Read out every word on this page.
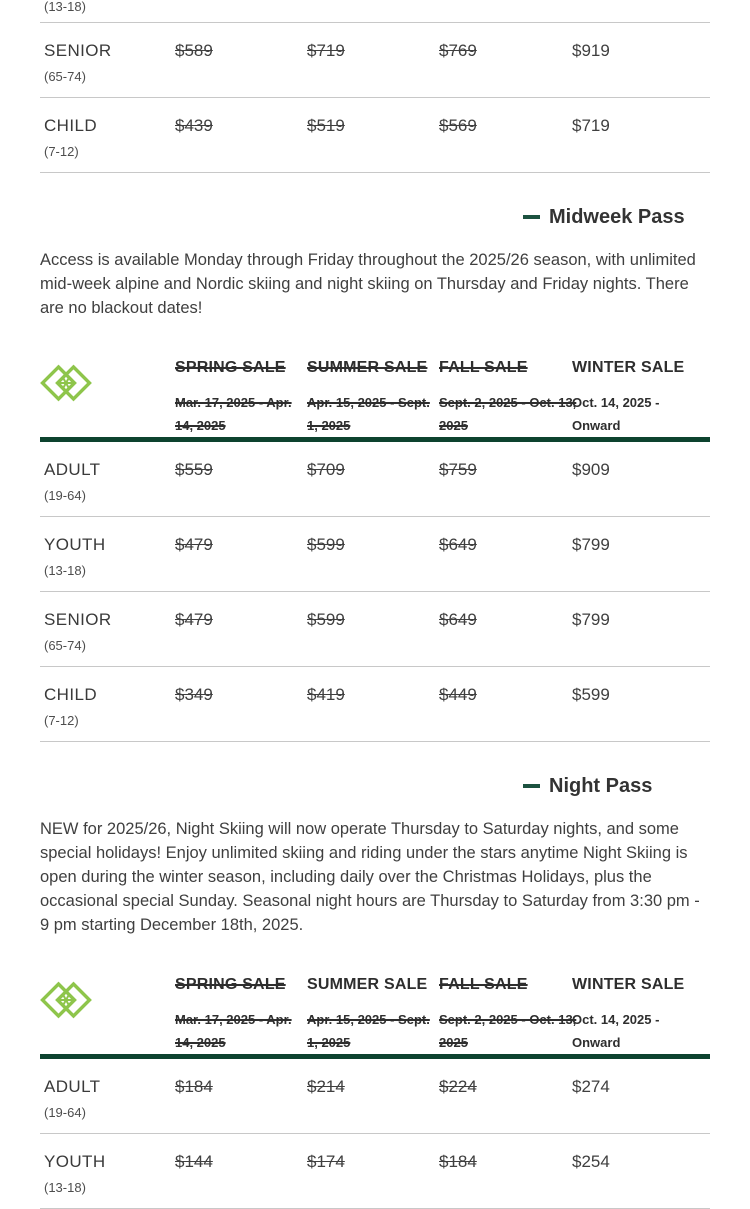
(13-18)
SENIOR
(65-74)
$589	$719	$769	$919
CHILD
(7-12)
$439	$519	$569	$719
Midweek Pass

Access is available Monday through Friday throughout the 2025/26 season, with unlimited mid-week alpine and Nordic skiing and night skiing on Thursday and Friday nights. There are no blackout dates!

SPRING SALE
Mar. 17, 2025 - Apr.
14, 2025
SUMMER SALE
Apr. 15, 2025 - Sept.
1, 2025
FALL SALE
Sept. 2, 2025 - Oct. 13,
2025
WINTER SALE
Oct. 14, 2025 -
Onward
ADULT
(19-64)
$559	$709	$759	$909
YOUTH
(13-18)
$479	$599	$649	$799
SENIOR
(65-74)
$479	$599	$649	$799
CHILD
(7-12)
$349	$419	$449	$599
Night Pass

NEW for 2025/26, Night Skiing will now operate Thursday to Saturday nights, and some special holidays! Enjoy unlimited skiing and riding under the stars anytime Night Skiing is open during the winter season, including daily over the Christmas Holidays, plus the occasional special Sunday. Seasonal night hours are Thursday to Saturday from 3:30 pm - 9 pm starting December 18th, 2025.

SPRING SALE
Mar. 17, 2025 - Apr.
14, 2025
SUMMER SALE
Apr. 15, 2025 - Sept.
1, 2025
FALL SALE
Sept. 2, 2025 - Oct. 13,
2025
WINTER SALE
Oct. 14, 2025 -
Onward
ADULT
(19-64)
$184	$214	$224	$274
YOUTH
(13-18)
$144	$174	$184	$254
